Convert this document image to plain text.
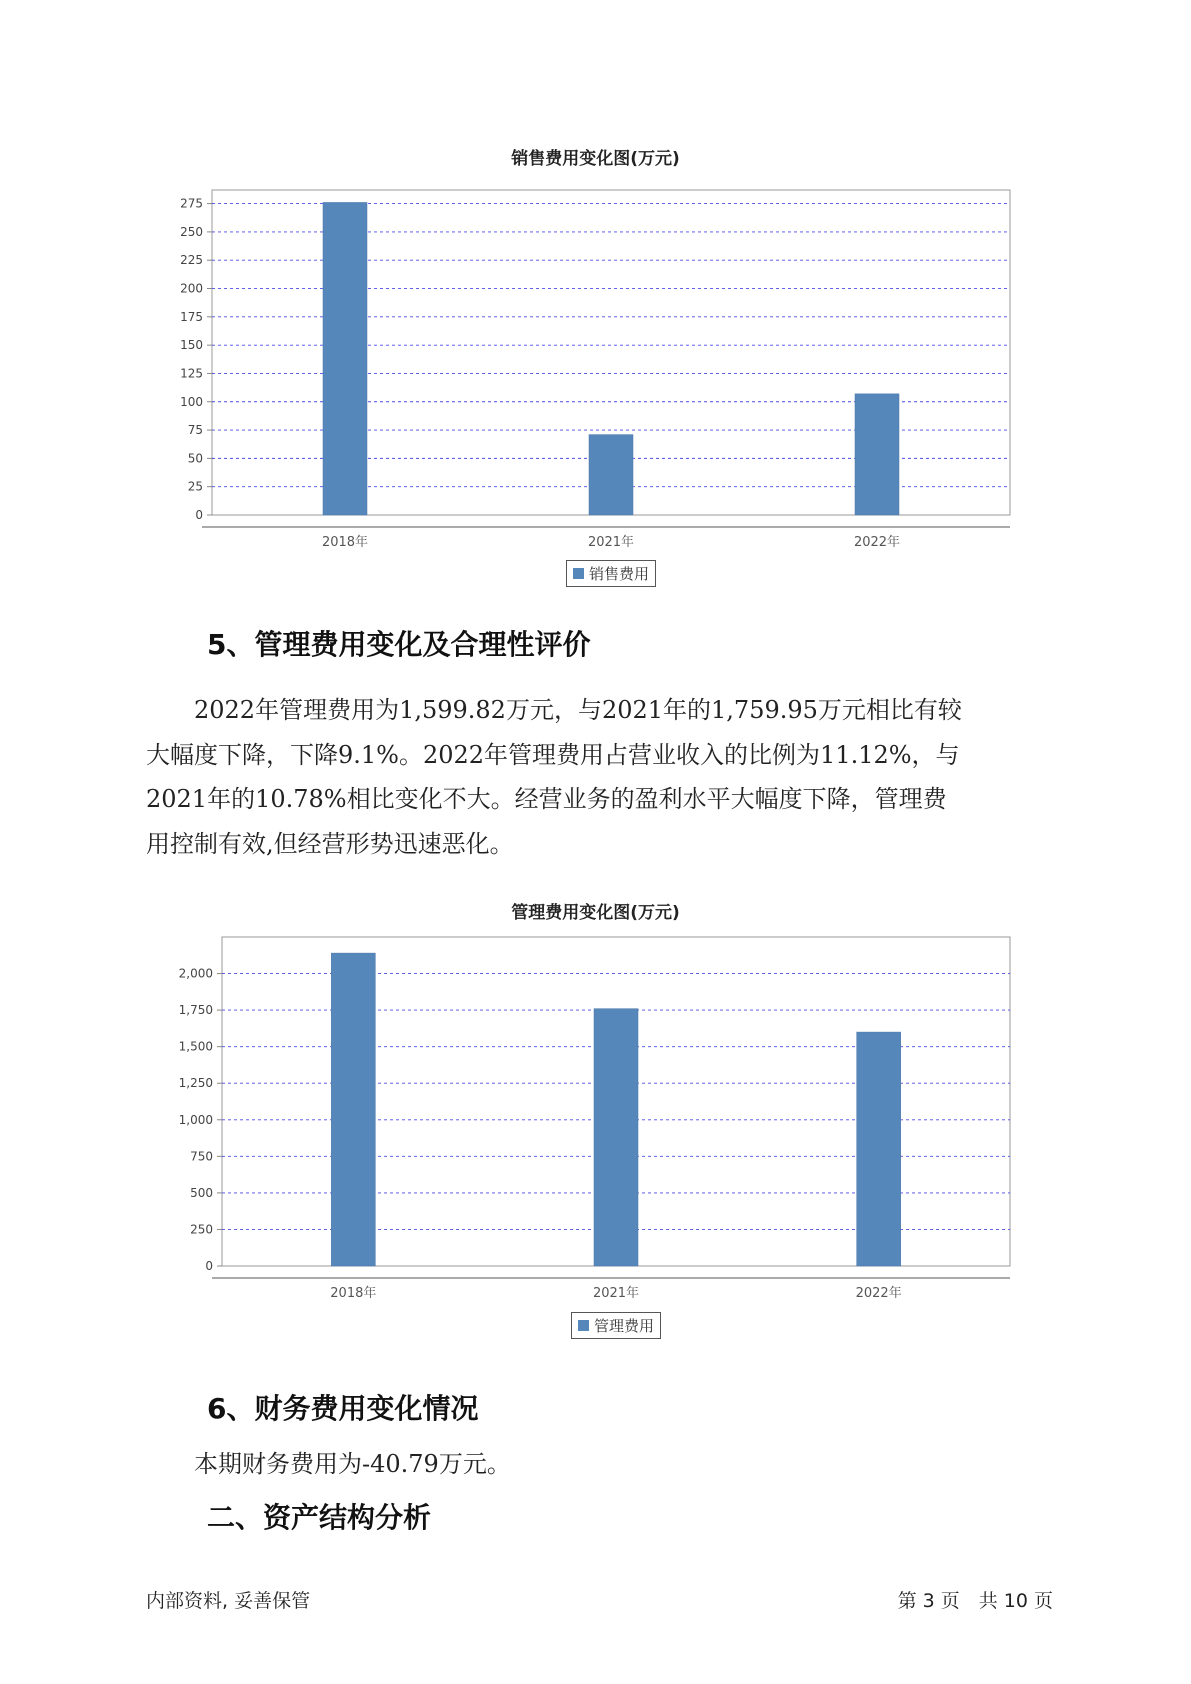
销售费用变化图(万元)
0
25
50
75
100
125
150
175
200
225
250
275
2018年	2021年	2022年
销售费用
5、管理费用变化及合理性评价
　　2022年管理费用为1,599.82万元，与2021年的1,759.95万元相比有较
大幅度下降，下降9.1%。2022年管理费用占营业收入的比例为11.12%，与
2021年的10.78%相比变化不大。经营业务的盈利水平大幅度下降，管理费
用控制有效,但经营形势迅速恶化。
管理费用变化图(万元)
0
250
500
750
1,000
1,250
1,500
1,750
2,000
2018年	2021年	2022年
管理费用
6、财务费用变化情况
　　本期财务费用为-40.79万元。
二、资产结构分析
内部资料, 妥善保管	第 3 页　共 10 页
